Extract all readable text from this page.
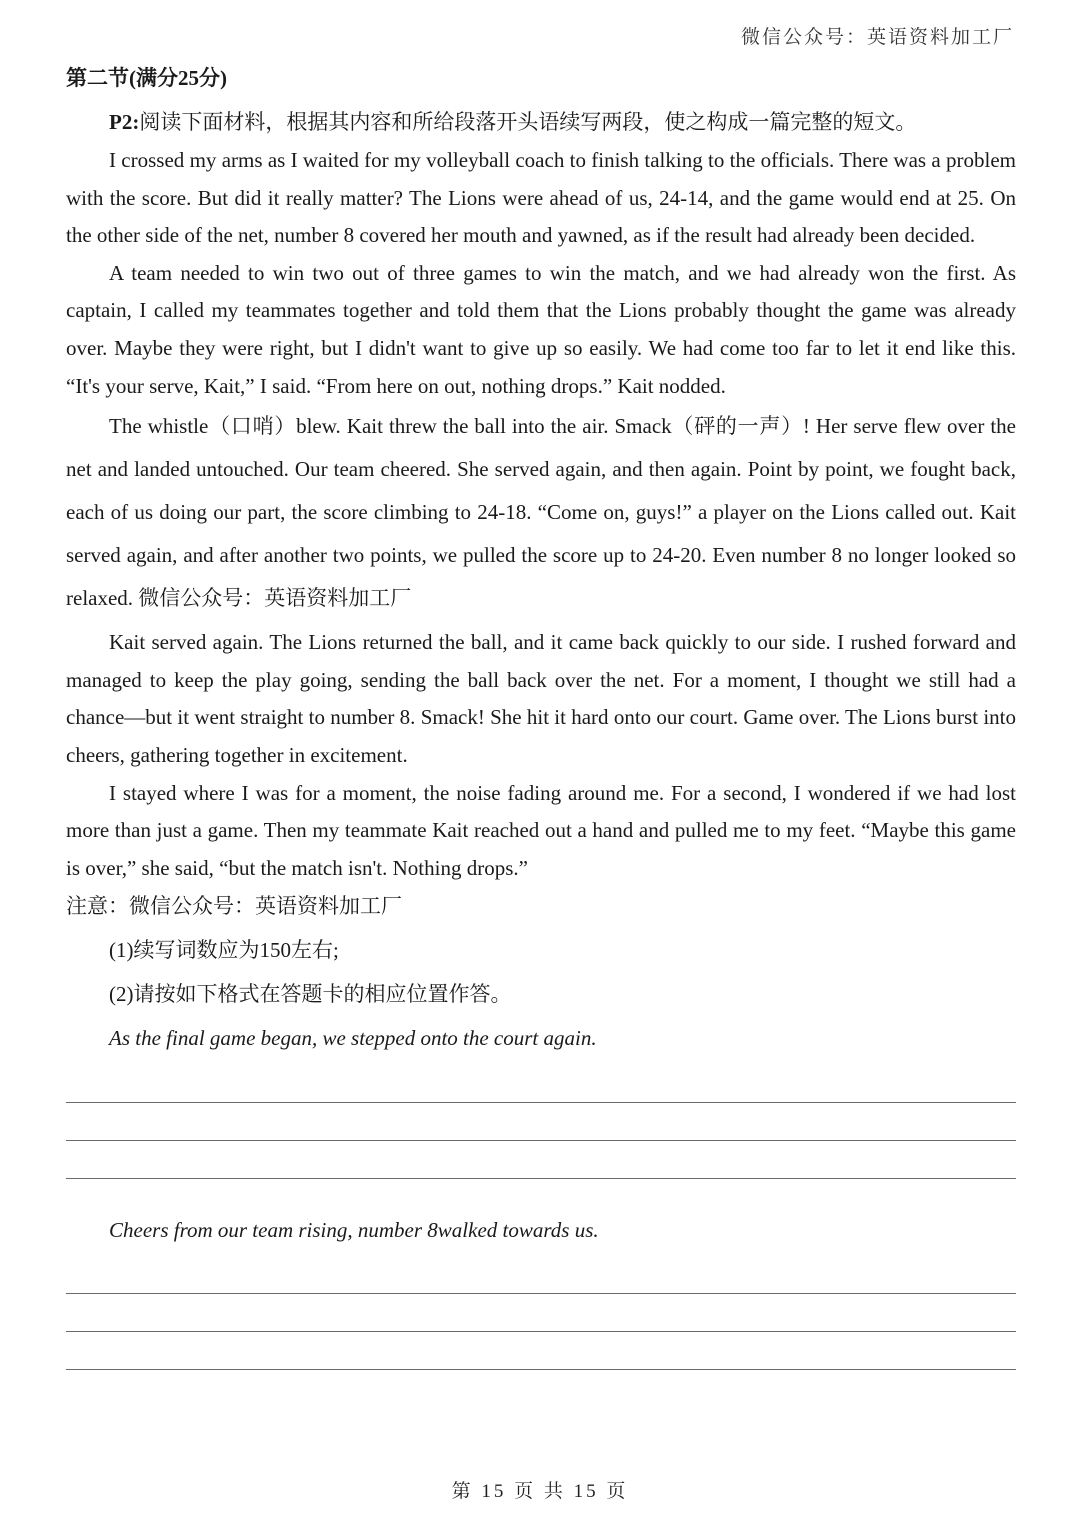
微信公众号：英语资料加工厂
第二节(满分25分)
P2:阅读下面材料，根据其内容和所给段落开头语续写两段，使之构成一篇完整的短文。

I crossed my arms as I waited for my volleyball coach to finish talking to the officials. There was a problem with the score. But did it really matter? The Lions were ahead of us, 24-14, and the game would end at 25. On the other side of the net, number 8 covered her mouth and yawned, as if the result had already been decided.

A team needed to win two out of three games to win the match, and we had already won the first. As captain, I called my teammates together and told them that the Lions probably thought the game was already over. Maybe they were right, but I didn't want to give up so easily. We had come too far to let it end like this. “It's your serve, Kait,” I said. “From here on out, nothing drops.” Kait nodded.

The whistle（口哨）blew. Kait threw the ball into the air. Smack（砰的一声）! Her serve flew over the net and landed untouched. Our team cheered. She served again, and then again. Point by point, we fought back, each of us doing our part, the score climbing to 24-18. “Come on, guys!” a player on the Lions called out. Kait served again, and after another two points, we pulled the score up to 24-20. Even number 8 no longer looked so relaxed. 微信公众号：英语资料加工厂

Kait served again. The Lions returned the ball, and it came back quickly to our side. I rushed forward and managed to keep the play going, sending the ball back over the net. For a moment, I thought we still had a chance—but it went straight to number 8. Smack! She hit it hard onto our court. Game over. The Lions burst into cheers, gathering together in excitement.

I stayed where I was for a moment, the noise fading around me. For a second, I wondered if we had lost more than just a game. Then my teammate Kait reached out a hand and pulled me to my feet. “Maybe this game is over,” she said, “but the match isn't. Nothing drops.”

注意：微信公众号：英语资料加工厂
(1)续写词数应为150左右;
(2)请按如下格式在答题卡的相应位置作答。
As the final game began, we stepped onto the court again.
Cheers from our team rising, number 8walked towards us.
第 15 页 共 15 页
